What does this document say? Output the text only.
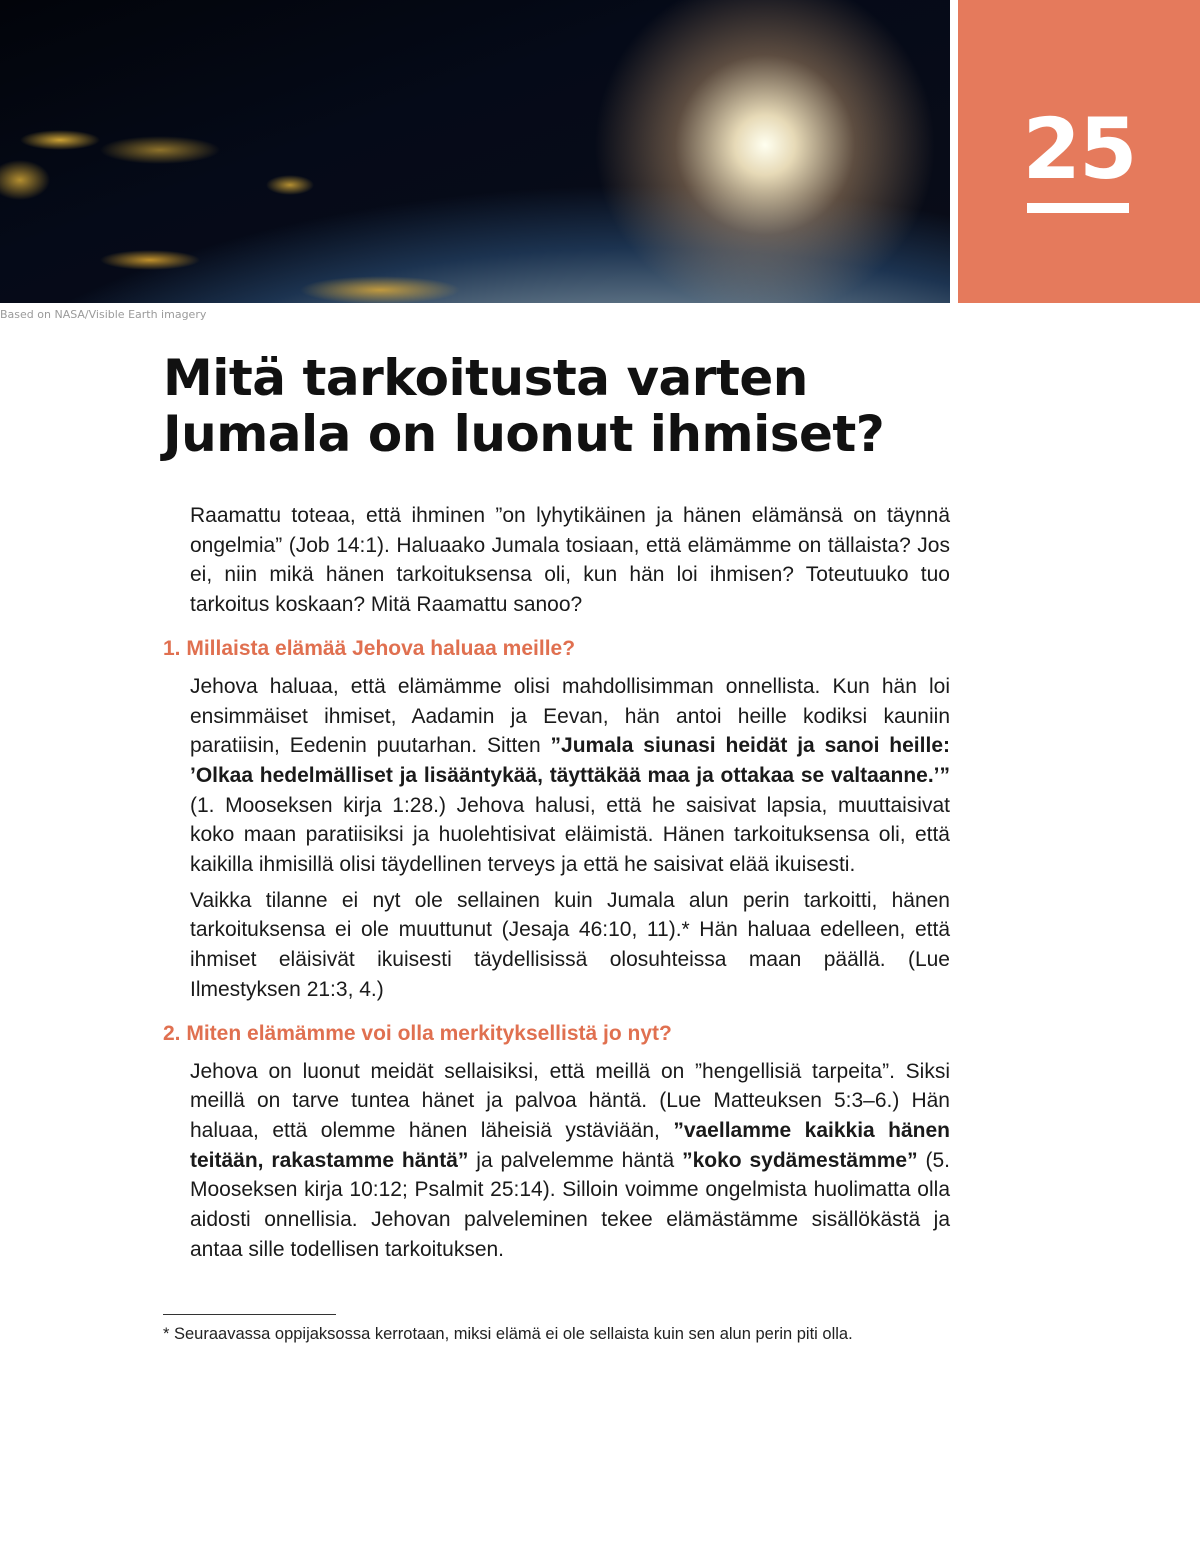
Based on NASA/Visible Earth imagery
25
Mitä tarkoitusta varten
Jumala on luonut ihmiset?

Raamattu toteaa, että ihminen ”on lyhytikäinen ja hänen elämänsä on täynnä ongelmia” (Job 14:1). Haluaako Jumala tosiaan, että elämämme on tällaista? Jos ei, niin mikä hänen tarkoituksensa oli, kun hän loi ihmisen? Toteutuuko tuo tarkoitus koskaan? Mitä Raamattu sanoo?

1. Millaista elämää Jehova haluaa meille?

Jehova haluaa, että elämämme olisi mahdollisimman onnellista. Kun hän loi ensimmäiset ihmiset, Aadamin ja Eevan, hän antoi heille kodiksi kauniin paratiisin, Eedenin puutarhan. Sitten ”Jumala siunasi heidät ja sanoi heille: ’Olkaa hedelmälliset ja lisääntykää, täyttäkää maa ja ottakaa se valtaanne.’” (1. Mooseksen kirja 1:28.) Jehova halusi, että he saisivat lapsia, muuttaisivat koko maan paratiisiksi ja huolehtisivat eläimistä. Hänen tarkoituksensa oli, että kaikilla ihmisillä olisi täydellinen terveys ja että he saisivat elää ikuisesti.

Vaikka tilanne ei nyt ole sellainen kuin Jumala alun perin tarkoitti, hänen tarkoituksensa ei ole muuttunut (Jesaja 46:10, 11).* Hän haluaa edelleen, että ihmiset eläisivät ikuisesti täydellisissä olosuhteissa maan päällä. (Lue Ilmestyksen 21:3, 4.)

2. Miten elämämme voi olla merkityksellistä jo nyt?

Jehova on luonut meidät sellaisiksi, että meillä on ”hengellisiä tarpeita”. Siksi meillä on tarve tuntea hänet ja palvoa häntä. (Lue Matteuksen 5:3–6.) Hän haluaa, että olemme hänen läheisiä ystäviään, ”vaellamme kaikkia hänen teitään, rakastamme häntä” ja palvelemme häntä ”koko sydämestämme” (5. Mooseksen kirja 10:12; Psalmit 25:14). Silloin voimme ongelmista huolimatta olla aidosti onnellisia. Jehovan palveleminen tekee elämästämme sisällökästä ja antaa sille todellisen tarkoituksen.

* Seuraavassa oppijaksossa kerrotaan, miksi elämä ei ole sellaista kuin sen alun perin piti olla.
